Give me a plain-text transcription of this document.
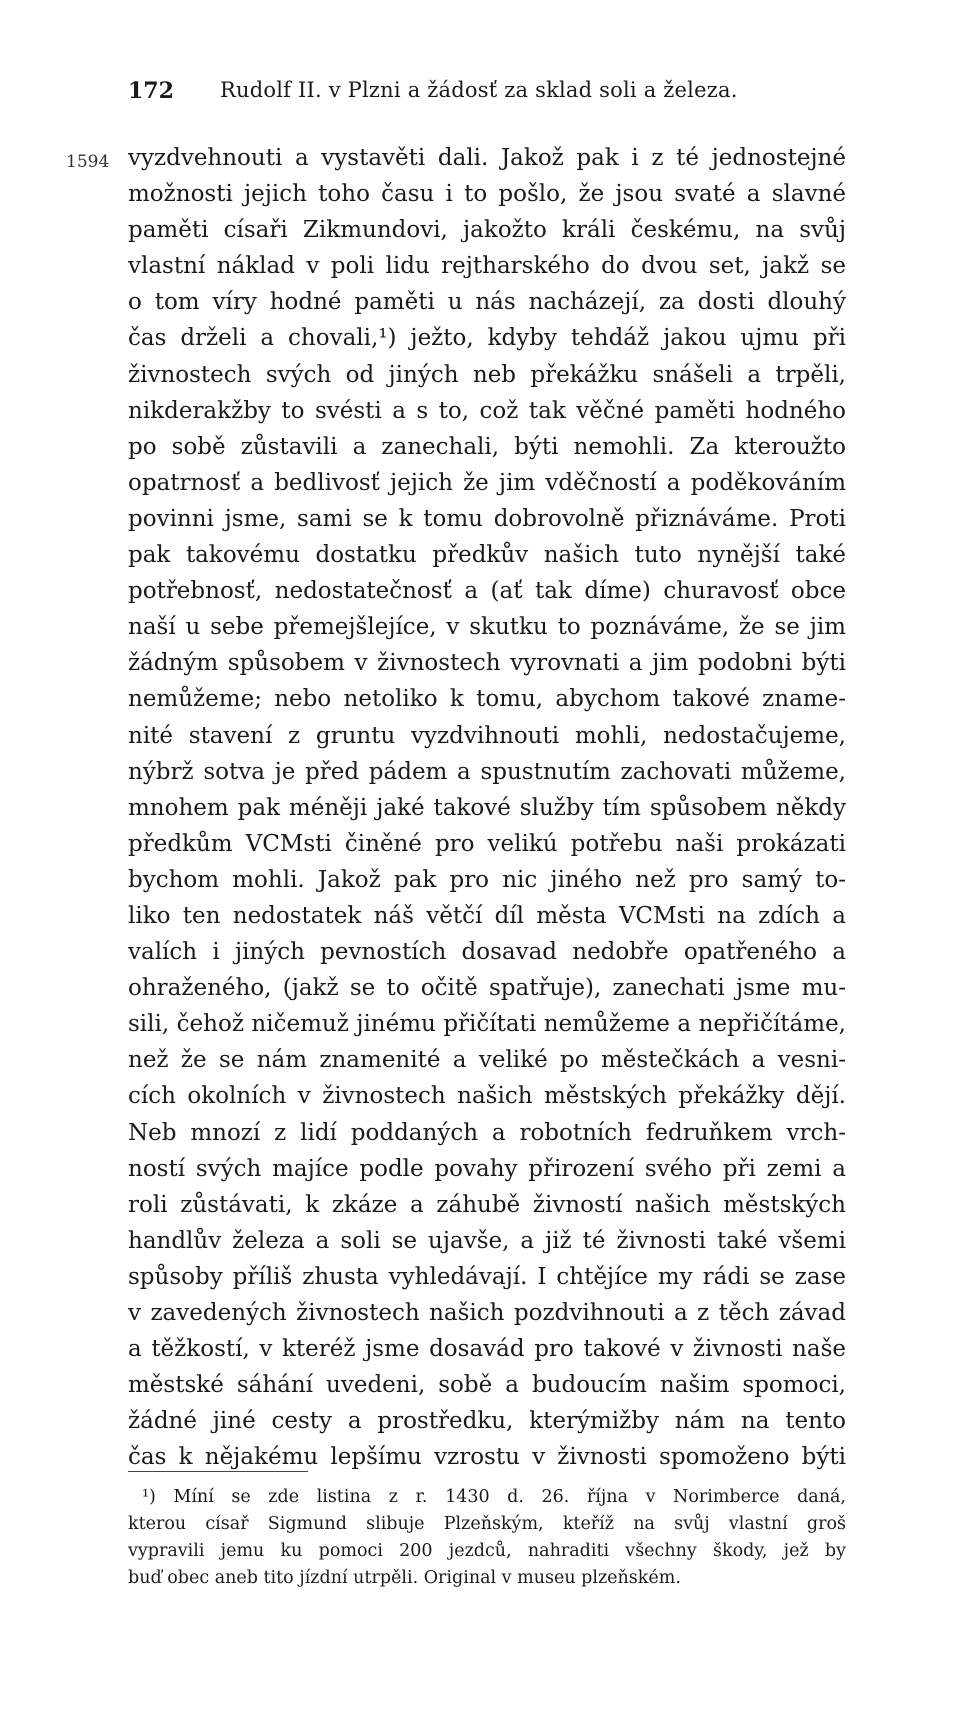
172 Rudolf II. v Plzni a žádosť za sklad soli a železa.
1594 vyzdvehnouti a vystavěti dali. Jakož pak i z té jednostejné
možnosti jejich toho času i to pošlo, že jsou svaté a slavné
paměti císaři Zikmundovi, jakožto králi českému, na svůj
vlastní náklad v poli lidu rejtharského do dvou set, jakž se
o tom víry hodné paměti u nás nacházejí, za dosti dlouhý
čas drželi a chovali,¹) ježto, kdyby tehdáž jakou ujmu při
živnostech svých od jiných neb překážku snášeli a trpěli,
nikderakžby to svésti a s to, což tak věčné paměti hodného
po sobě zůstavili a zanechali, býti nemohli. Za kteroužto
opatrnosť a bedlivosť jejich že jim vděčností a poděkováním
povinni jsme, sami se k tomu dobrovolně přiznáváme. Proti
pak takovému dostatku předkův našich tuto nynější také
potřebnosť, nedostatečnosť a (ať tak díme) churavosť obce
naší u sebe přemejšlejíce, v skutku to poznáváme, že se jim
žádným spůsobem v živnostech vyrovnati a jim podobni býti
nemůžeme; nebo netoliko k tomu, abychom takové zname-
nité stavení z gruntu vyzdvihnouti mohli, nedostačujeme,
nýbrž sotva je před pádem a spustnutím zachovati můžeme,
mnohem pak méněji jaké takové služby tím spůsobem někdy
předkům VCMsti činěné pro velikú potřebu naši prokázati
bychom mohli. Jakož pak pro nic jiného než pro samý to-
liko ten nedostatek náš větčí díl města VCMsti na zdích a
valích i jiných pevnostích dosavad nedobře opatřeného a
ohraženého, (jakž se to očitě spatřuje), zanechati jsme mu-
sili, čehož ničemuž jinému přičítati nemůžeme a nepřičítáme,
než že se nám znamenité a veliké po městečkách a vesni-
cích okolních v živnostech našich městských překážky dějí.
Neb mnozí z lidí poddaných a robotních fedruňkem vrch-
ností svých majíce podle povahy přirození svého při zemi a
roli zůstávati, k zkáze a záhubě živností našich městských
handlův železa a soli se ujavše, a již té živnosti také všemi
spůsoby příliš zhusta vyhledávají. I chtějíce my rádi se zase
v zavedených živnostech našich pozdvihnouti a z těch závad
a těžkostí, v kteréž jsme dosavád pro takové v živnosti naše
městské sáhání uvedeni, sobě a budoucím našim spomoci,
žádné jiné cesty a prostředku, kterýmižby nám na tento
čas k nějakému lepšímu vzrostu v živnosti spomoženo býti
¹) Míní se zde listina z r. 1430 d. 26. října v Norimberce daná,
kterou císař Sigmund slibuje Plzeňským, kteříž na svůj vlastní groš
vypravili jemu ku pomoci 200 jezdců, nahraditi všechny škody, jež by
buď obec aneb tito jízdní utrpěli. Original v museu plzeňském.
